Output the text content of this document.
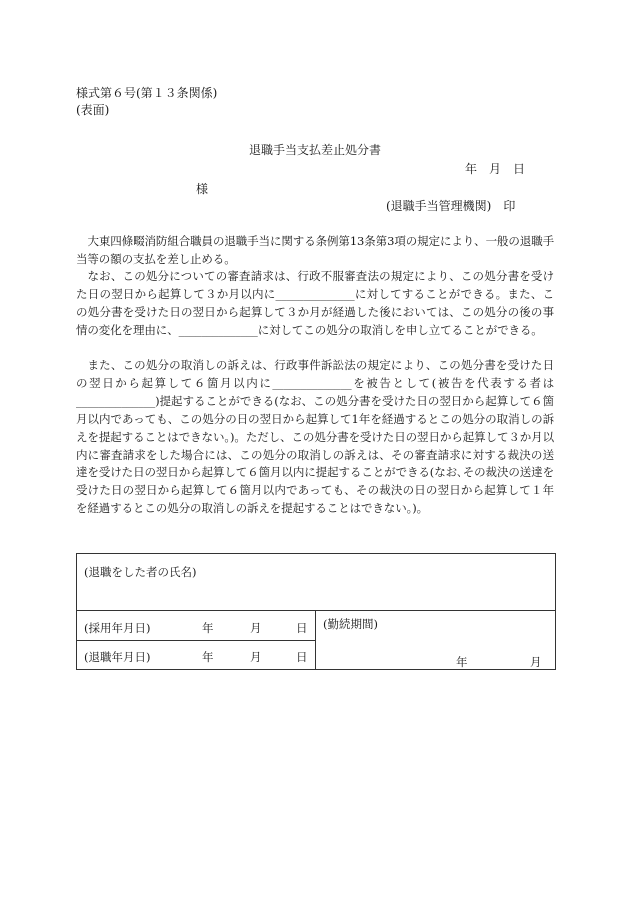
様式第６号(第１３条関係)
(表面)
退職手当支払差止処分書
年　月　日
様
(退職手当管理機関)　印
大東四條畷消防組合職員の退職手当に関する条例第13条第3項の規定により、一般の退職手当等の額の支払を差し止める。
なお、この処分についての審査請求は、行政不服審査法の規定により、この処分書を受けた日の翌日から起算して３か月以内に______________に対してすることができる。また、この処分書を受けた日の翌日から起算して３か月が経過した後においては、この処分の後の事情の変化を理由に、______________に対してこの処分の取消しを申し立てることができる。
また、この処分の取消しの訴えは、行政事件訴訟法の規定により、この処分書を受けた日の翌日から起算して６箇月以内に______________を被告として(被告を代表する者は______________)提起することができる(なお、この処分書を受けた日の翌日から起算して６箇月以内であっても、この処分の日の翌日から起算して1年を経過するとこの処分の取消しの訴えを提起することはできない。)。ただし、この処分書を受けた日の翌日から起算して３か月以内に審査請求をした場合には、この処分の取消しの訴えは、その審査請求に対する裁決の送達を受けた日の翌日から起算して６箇月以内に提起することができる(なお､その裁決の送達を受けた日の翌日から起算して６箇月以内であっても、その裁決の日の翌日から起算して１年を経過するとこの処分の取消しの訴えを提起することはできない。)。
(退職をした者の氏名)
(採用年月日)	年	月	日
(退職年月日)	年	月	日
(勤続期間)
年	月
